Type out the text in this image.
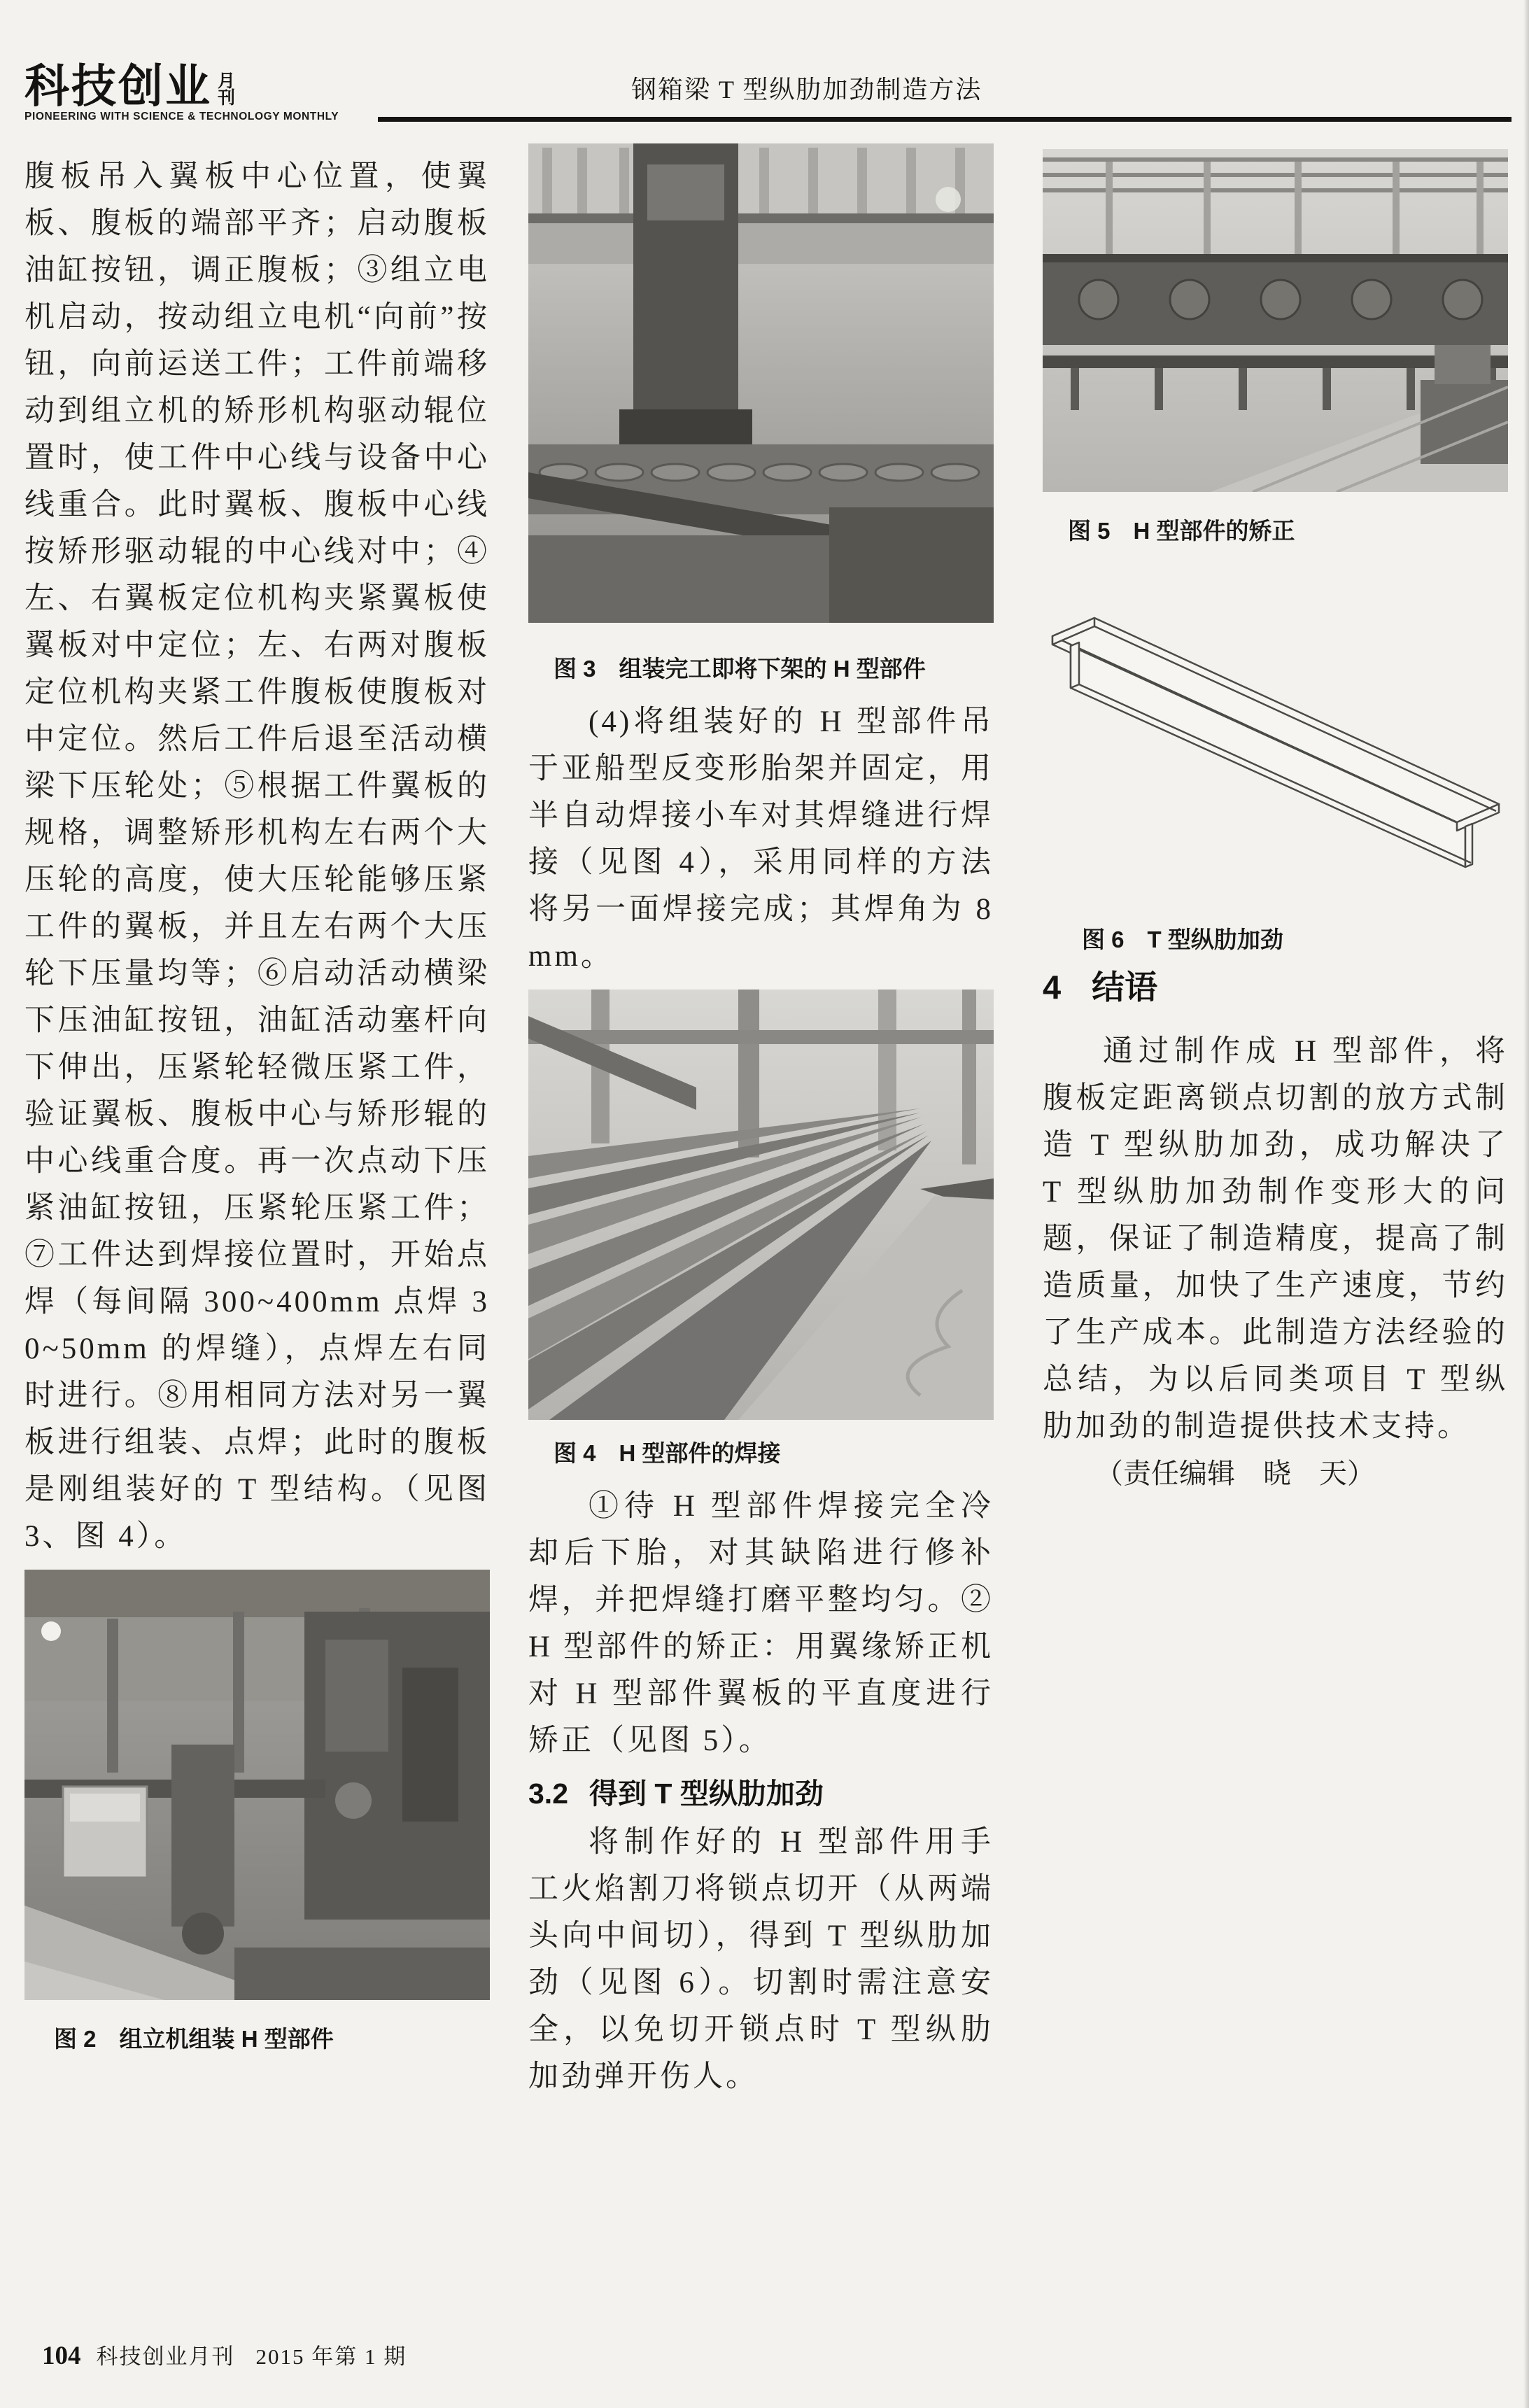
科技创业 月
刊
PIONEERING WITH SCIENCE & TECHNOLOGY MONTHLY
钢箱梁 T 型纵肋加劲制造方法

腹板吊入翼板中心位置，使翼板、腹板的端部平齐；启动腹板油缸按钮，调正腹板；③组立电机启动，按动组立电机“向前”按钮，向前运送工件；工件前端移动到组立机的矫形机构驱动辊位置时，使工件中心线与设备中心线重合。此时翼板、腹板中心线按矫形驱动辊的中心线对中；④左、右翼板定位机构夹紧翼板使翼板对中定位；左、右两对腹板定位机构夹紧工件腹板使腹板对中定位。然后工件后退至活动横梁下压轮处；⑤根据工件翼板的规格，调整矫形机构左右两个大压轮的高度，使大压轮能够压紧工件的翼板，并且左右两个大压轮下压量均等；⑥启动活动横梁下压油缸按钮，油缸活动塞杆向下伸出，压紧轮轻微压紧工件，验证翼板、腹板中心与矫形辊的中心线重合度。再一次点动下压紧油缸按钮，压紧轮压紧工件；⑦工件达到焊接位置时，开始点焊（每间隔 300~400mm 点焊 30~50mm 的焊缝），点焊左右同时进行。⑧用相同方法对另一翼板进行组装、点焊；此时的腹板是刚组装好的 T 型结构。（见图 3、图 4）。

图 2　组立机组装 H 型部件
图 3　组装完工即将下架的 H 型部件

(4)将组装好的 H 型部件吊于亚船型反变形胎架并固定，用半自动焊接小车对其焊缝进行焊接（见图 4），采用同样的方法将另一面焊接完成；其焊角为 8mm。

图 4　H 型部件的焊接

①待 H 型部件焊接完全冷却后下胎，对其缺陷进行修补焊，并把焊缝打磨平整均匀。②H 型部件的矫正：用翼缘矫正机对 H 型部件翼板的平直度进行矫正（见图 5）。

3.2 得到 T 型纵肋加劲

将制作好的 H 型部件用手工火焰割刀将锁点切开（从两端头向中间切），得到 T 型纵肋加劲（见图 6）。切割时需注意安全，以免切开锁点时 T 型纵肋加劲弹开伤人。

图 5　H 型部件的矫正
图 6　T 型纵肋加劲
4 结语

通过制作成 H 型部件，将腹板定距离锁点切割的放方式制造 T 型纵肋加劲，成功解决了 T 型纵肋加劲制作变形大的问题，保证了制造精度，提高了制造质量，加快了生产速度，节约了生产成本。此制造方法经验的总结，为以后同类项目 T 型纵肋加劲的制造提供技术支持。

（责任编辑　晓　天）

104 科技创业月刊 2015 年第 1 期
